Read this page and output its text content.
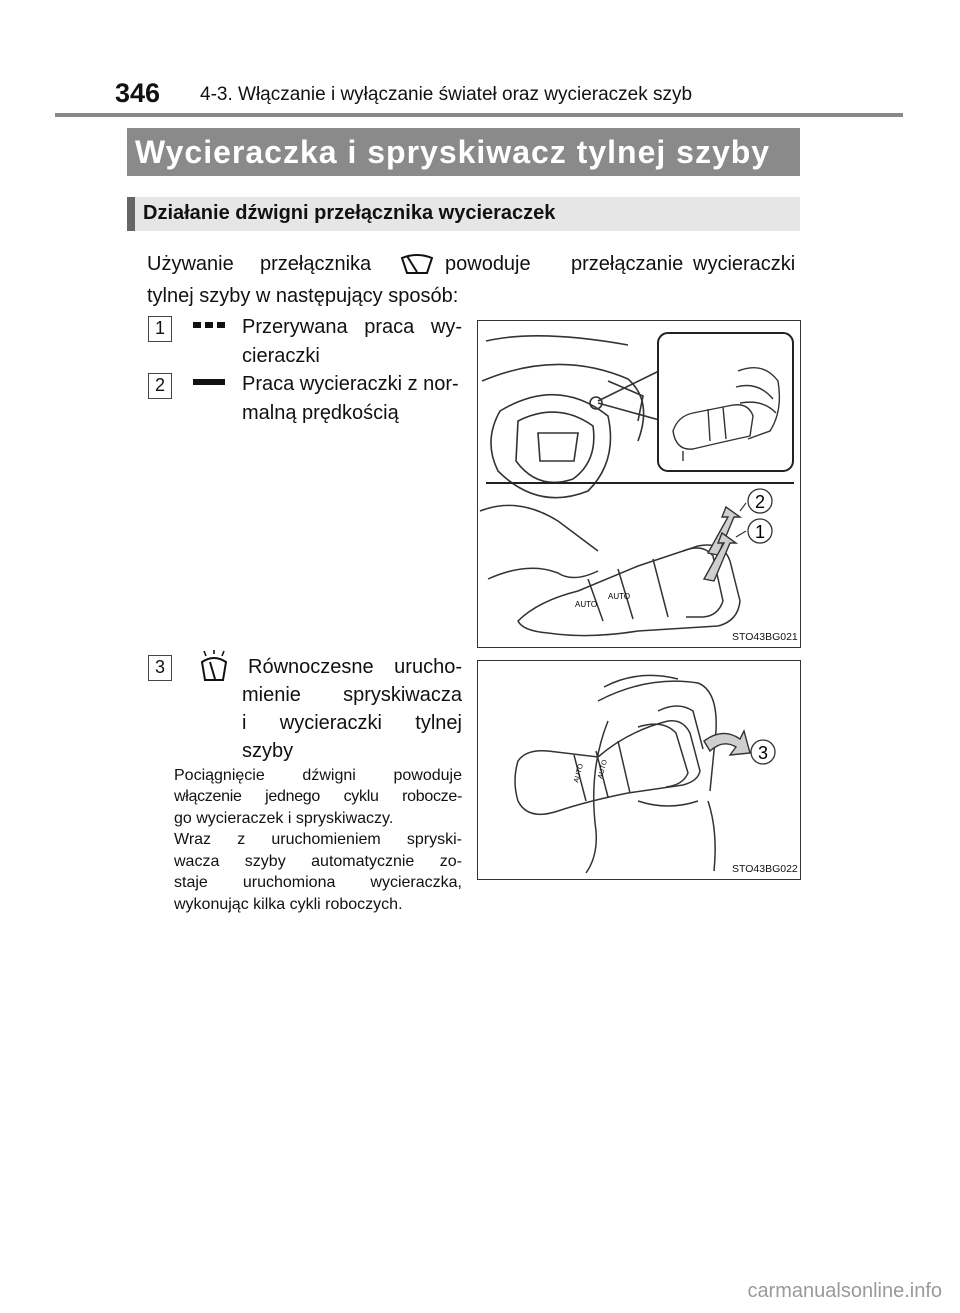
346 4-3. Włączanie i wyłączanie świateł oraz wycieraczek szyb
Wycieraczka i spryskiwacz tylnej szyby
Działanie dźwigni przełącznika wycieraczek
Używanie przełącznika	powoduje przełączanie wycieraczki
tylnej szyby w następujący sposób:
1	Przerywana praca wy-
cieraczki
2	Praca wycieraczki z nor-
malną prędkością
AUTO
AUTO
2
1
STO43BG021
3	Równoczesne urucho-
mienie spryskiwacza
i wycieraczki tylnej
szyby
Pociągnięcie dźwigni powoduje
włączenie jednego cyklu robocze-
go wycieraczek i spryskiwaczy.
Wraz z uruchomieniem spryski-
wacza szyby automatycznie zo-
staje uruchomiona wycieraczka,
wykonując kilka cykli roboczych.
AUTO AUTO
3
STO43BG022
carmanualsonline.info
